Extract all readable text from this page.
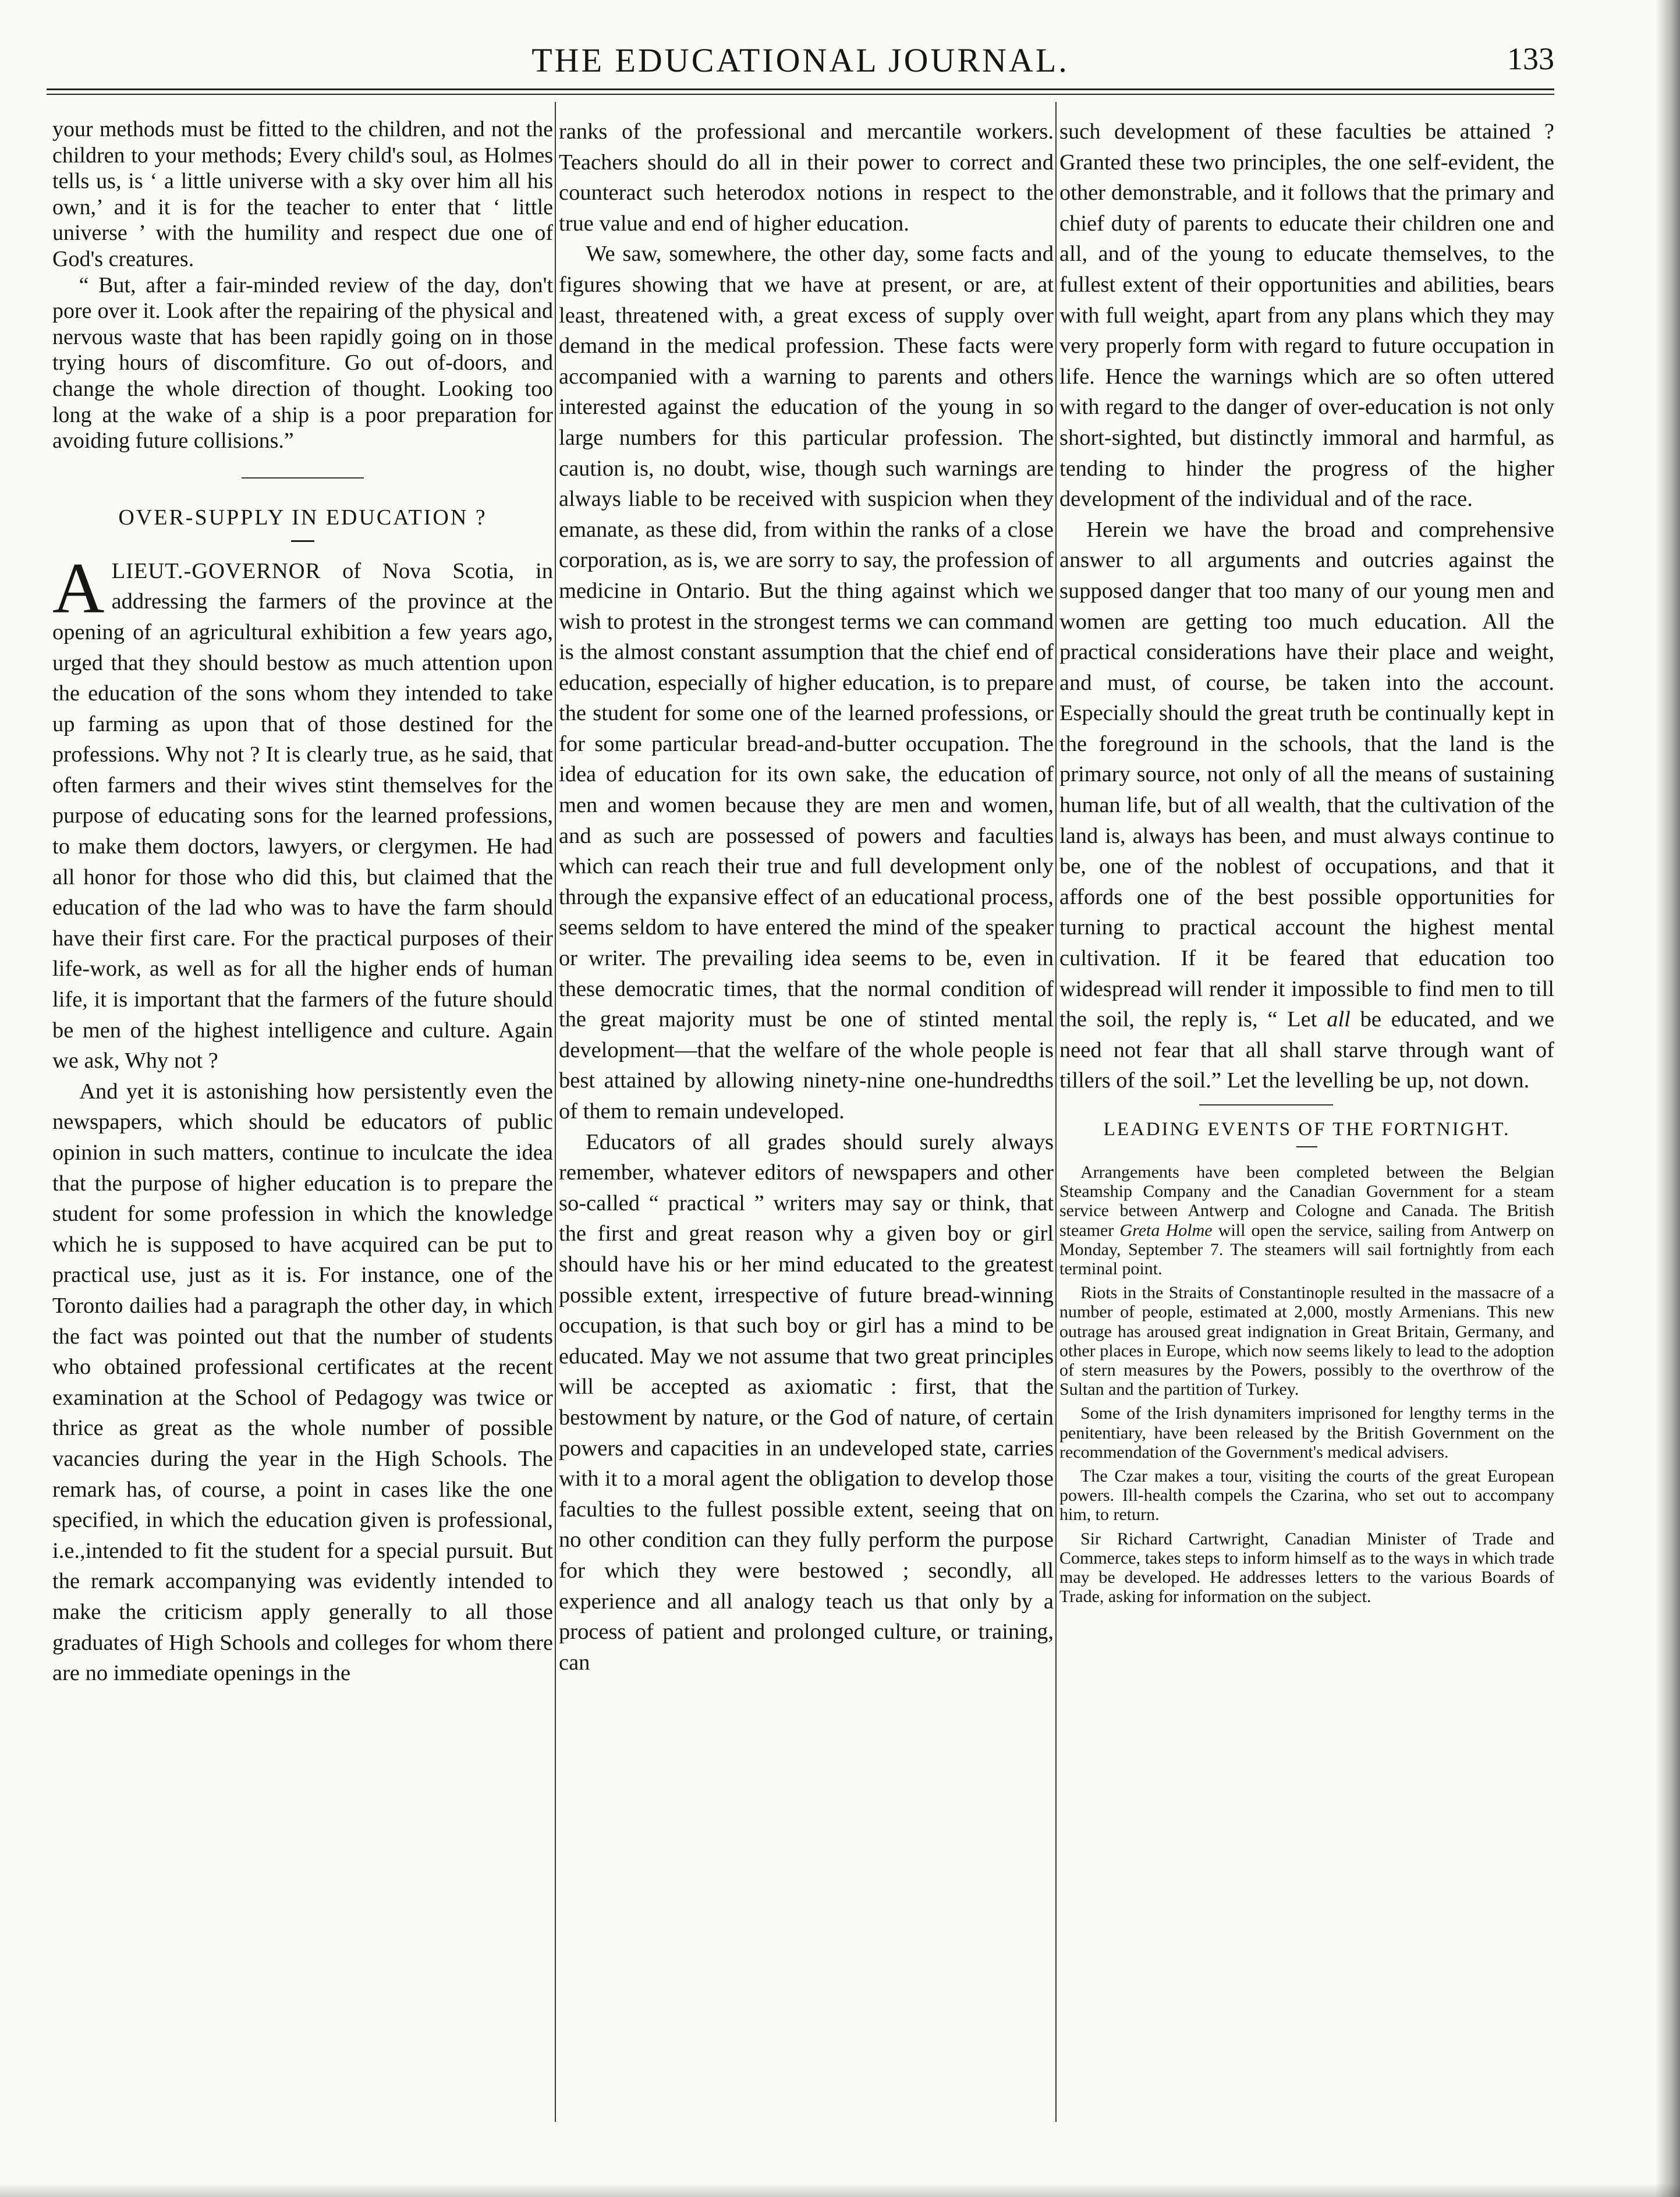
THE EDUCATIONAL JOURNAL.	133

your methods must be fitted to the children, and not the children to your methods; Every child's soul, as Holmes tells us, is ‘ a little universe with a sky over him all his own,’ and it is for the teacher to enter that ‘ little universe ’ with the humility and respect due one of God's creatures.

“ But, after a fair-minded review of the day, don't pore over it. Look after the repairing of the physical and nervous waste that has been rapidly going on in those trying hours of discomfiture. Go out of-doors, and change the whole direction of thought. Looking too long at the wake of a ship is a poor preparation for avoiding future collisions.”

OVER-SUPPLY IN EDUCATION ?

ALIEUT.-GOVERNOR of Nova Scotia, in addressing the farmers of the province at the opening of an agricultural exhibition a few years ago, urged that they should bestow as much attention upon the education of the sons whom they intended to take up farming as upon that of those destined for the professions. Why not ? It is clearly true, as he said, that often farmers and their wives stint themselves for the purpose of educating sons for the learned professions, to make them doctors, lawyers, or clergymen. He had all honor for those who did this, but claimed that the education of the lad who was to have the farm should have their first care. For the practical purposes of their life-work, as well as for all the higher ends of human life, it is important that the farmers of the future should be men of the highest intelligence and culture. Again we ask, Why not ?

And yet it is astonishing how persistently even the newspapers, which should be educators of public opinion in such matters, continue to inculcate the idea that the purpose of higher education is to prepare the student for some profession in which the knowledge which he is supposed to have acquired can be put to practical use, just as it is. For instance, one of the Toronto dailies had a paragraph the other day, in which the fact was pointed out that the number of students who obtained professional certificates at the recent examination at the School of Pedagogy was twice or thrice as great as the whole number of possible vacancies during the year in the High Schools. The remark has, of course, a point in cases like the one specified, in which the education given is professional, i.e.,intended to fit the student for a special pursuit. But the remark accompanying was evidently intended to make the criticism apply generally to all those graduates of High Schools and colleges for whom there are no immediate openings in the

ranks of the professional and mercantile workers. Teachers should do all in their power to correct and counteract such heterodox notions in respect to the true value and end of higher education.

We saw, somewhere, the other day, some facts and figures showing that we have at present, or are, at least, threatened with, a great excess of supply over demand in the medical profession. These facts were accompanied with a warning to parents and others interested against the education of the young in so large numbers for this particular profession. The caution is, no doubt, wise, though such warnings are always liable to be received with suspicion when they emanate, as these did, from within the ranks of a close corporation, as is, we are sorry to say, the profession of medicine in Ontario. But the thing against which we wish to protest in the strongest terms we can command is the almost constant assumption that the chief end of education, especially of higher education, is to prepare the student for some one of the learned professions, or for some particular bread-and-butter occupation. The idea of education for its own sake, the education of men and women because they are men and women, and as such are possessed of powers and faculties which can reach their true and full development only through the expansive effect of an educational process, seems seldom to have entered the mind of the speaker or writer. The prevailing idea seems to be, even in these democratic times, that the normal condition of the great majority must be one of stinted mental development—that the welfare of the whole people is best attained by allowing ninety-nine one-hundredths of them to remain undeveloped.

Educators of all grades should surely always remember, whatever editors of newspapers and other so-called “ practical ” writers may say or think, that the first and great reason why a given boy or girl should have his or her mind educated to the greatest possible extent, irrespective of future bread-winning occupation, is that such boy or girl has a mind to be educated. May we not assume that two great principles will be accepted as axiomatic : first, that the bestowment by nature, or the God of nature, of certain powers and capacities in an undeveloped state, carries with it to a moral agent the obligation to develop those faculties to the fullest possible extent, seeing that on no other condition can they fully perform the purpose for which they were bestowed ; secondly, all experience and all analogy teach us that only by a process of patient and prolonged culture, or training, can

such development of these faculties be attained ? Granted these two principles, the one self-evident, the other demonstrable, and it follows that the primary and chief duty of parents to educate their children one and all, and of the young to educate themselves, to the fullest extent of their opportunities and abilities, bears with full weight, apart from any plans which they may very properly form with regard to future occupation in life. Hence the warnings which are so often uttered with regard to the danger of over-education is not only short-sighted, but distinctly immoral and harmful, as tending to hinder the progress of the higher development of the individual and of the race.

Herein we have the broad and comprehensive answer to all arguments and outcries against the supposed danger that too many of our young men and women are getting too much education. All the practical considerations have their place and weight, and must, of course, be taken into the account. Especially should the great truth be continually kept in the foreground in the schools, that the land is the primary source, not only of all the means of sustaining human life, but of all wealth, that the cultivation of the land is, always has been, and must always continue to be, one of the noblest of occupations, and that it affords one of the best possible opportunities for turning to practical account the highest mental cultivation. If it be feared that education too widespread will render it impossible to find men to till the soil, the reply is, “ Let all be educated, and we need not fear that all shall starve through want of tillers of the soil.” Let the levelling be up, not down.

LEADING EVENTS OF THE FORTNIGHT.

Arrangements have been completed between the Belgian Steamship Company and the Canadian Government for a steam service between Antwerp and Cologne and Canada. The British steamer Greta Holme will open the service, sailing from Antwerp on Monday, September 7. The steamers will sail fortnightly from each terminal point.

Riots in the Straits of Constantinople resulted in the massacre of a number of people, estimated at 2,000, mostly Armenians. This new outrage has aroused great indignation in Great Britain, Germany, and other places in Europe, which now seems likely to lead to the adoption of stern measures by the Powers, possibly to the overthrow of the Sultan and the partition of Turkey.

Some of the Irish dynamiters imprisoned for lengthy terms in the penitentiary, have been released by the British Government on the recommendation of the Government's medical advisers.

The Czar makes a tour, visiting the courts of the great European powers. Ill-health compels the Czarina, who set out to accompany him, to return.

Sir Richard Cartwright, Canadian Minister of Trade and Commerce, takes steps to inform himself as to the ways in which trade may be developed. He addresses letters to the various Boards of Trade, asking for information on the subject.
